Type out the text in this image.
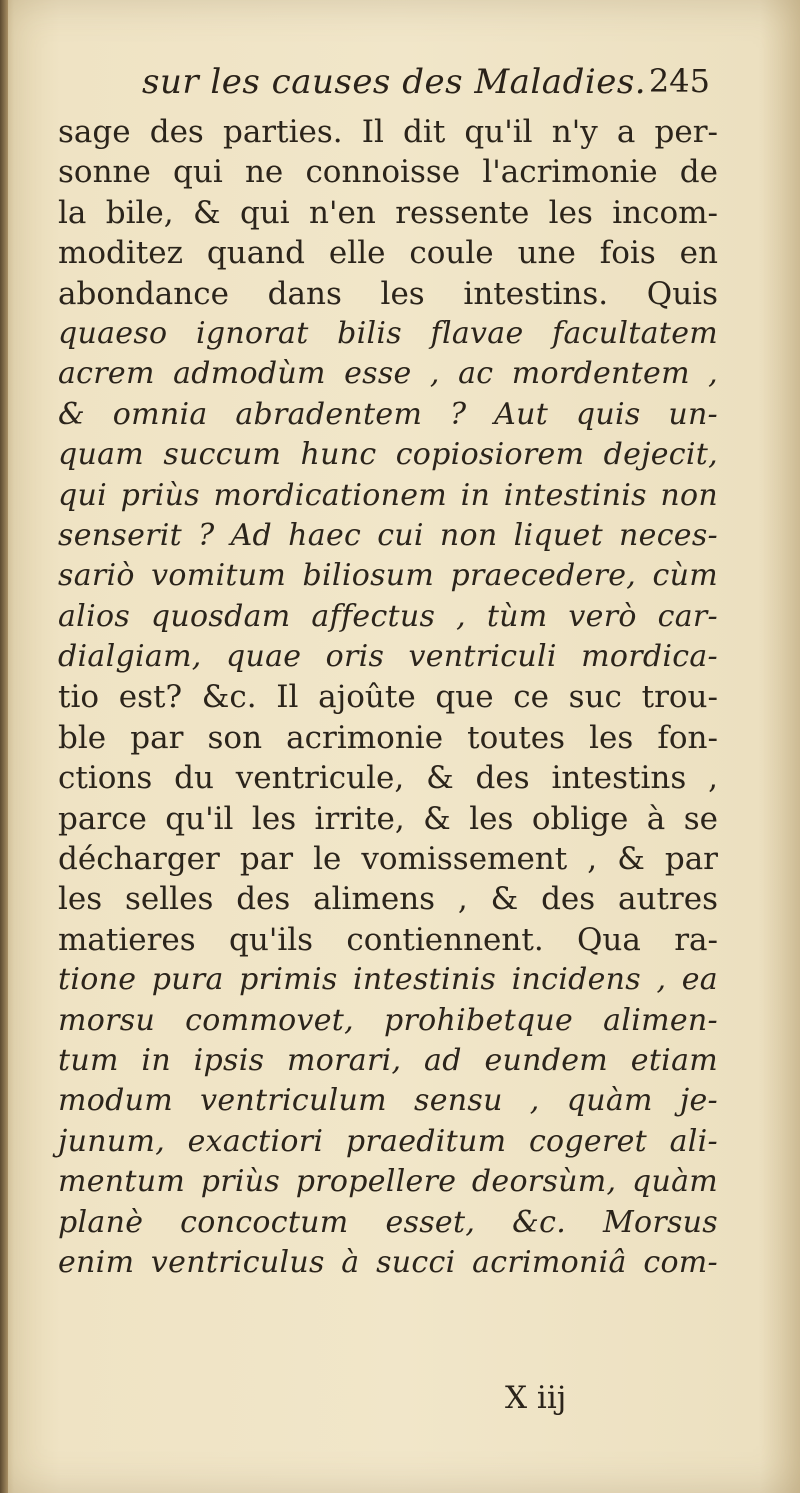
sur les causes des Maladies. 245
sage des parties. Il dit qu'il n'y a per-
sonne qui ne connoisse l'acrimonie de
la bile, & qui n'en ressente les incom-
moditez quand elle coule une fois en
abondance dans les intestins. Quis
quaeso ignorat bilis flavae facultatem
acrem admodùm esse , ac mordentem ,
& omnia abradentem ? Aut quis un-
quam succum hunc copiosiorem dejecit,
qui priùs mordicationem in intestinis non
senserit ? Ad haec cui non liquet neces-
sariò vomitum biliosum praecedere, cùm
alios quosdam affectus , tùm verò car-
dialgiam, quae oris ventriculi mordica-
tio est? &c. Il ajoûte que ce suc trou-
ble par son acrimonie toutes les fon-
ctions du ventricule, & des intestins ,
parce qu'il les irrite, & les oblige à se
décharger par le vomissement , & par
les selles des alimens , & des autres
matieres qu'ils contiennent. Qua ra-
tione pura primis intestinis incidens , ea
morsu commovet, prohibetque alimen-
tum in ipsis morari, ad eundem etiam
modum ventriculum sensu , quàm je-
junum, exactiori praeditum cogeret ali-
mentum priùs propellere deorsùm, quàm
planè concoctum esset, &c. Morsus
enim ventriculus à succi acrimoniâ com-
X iij
